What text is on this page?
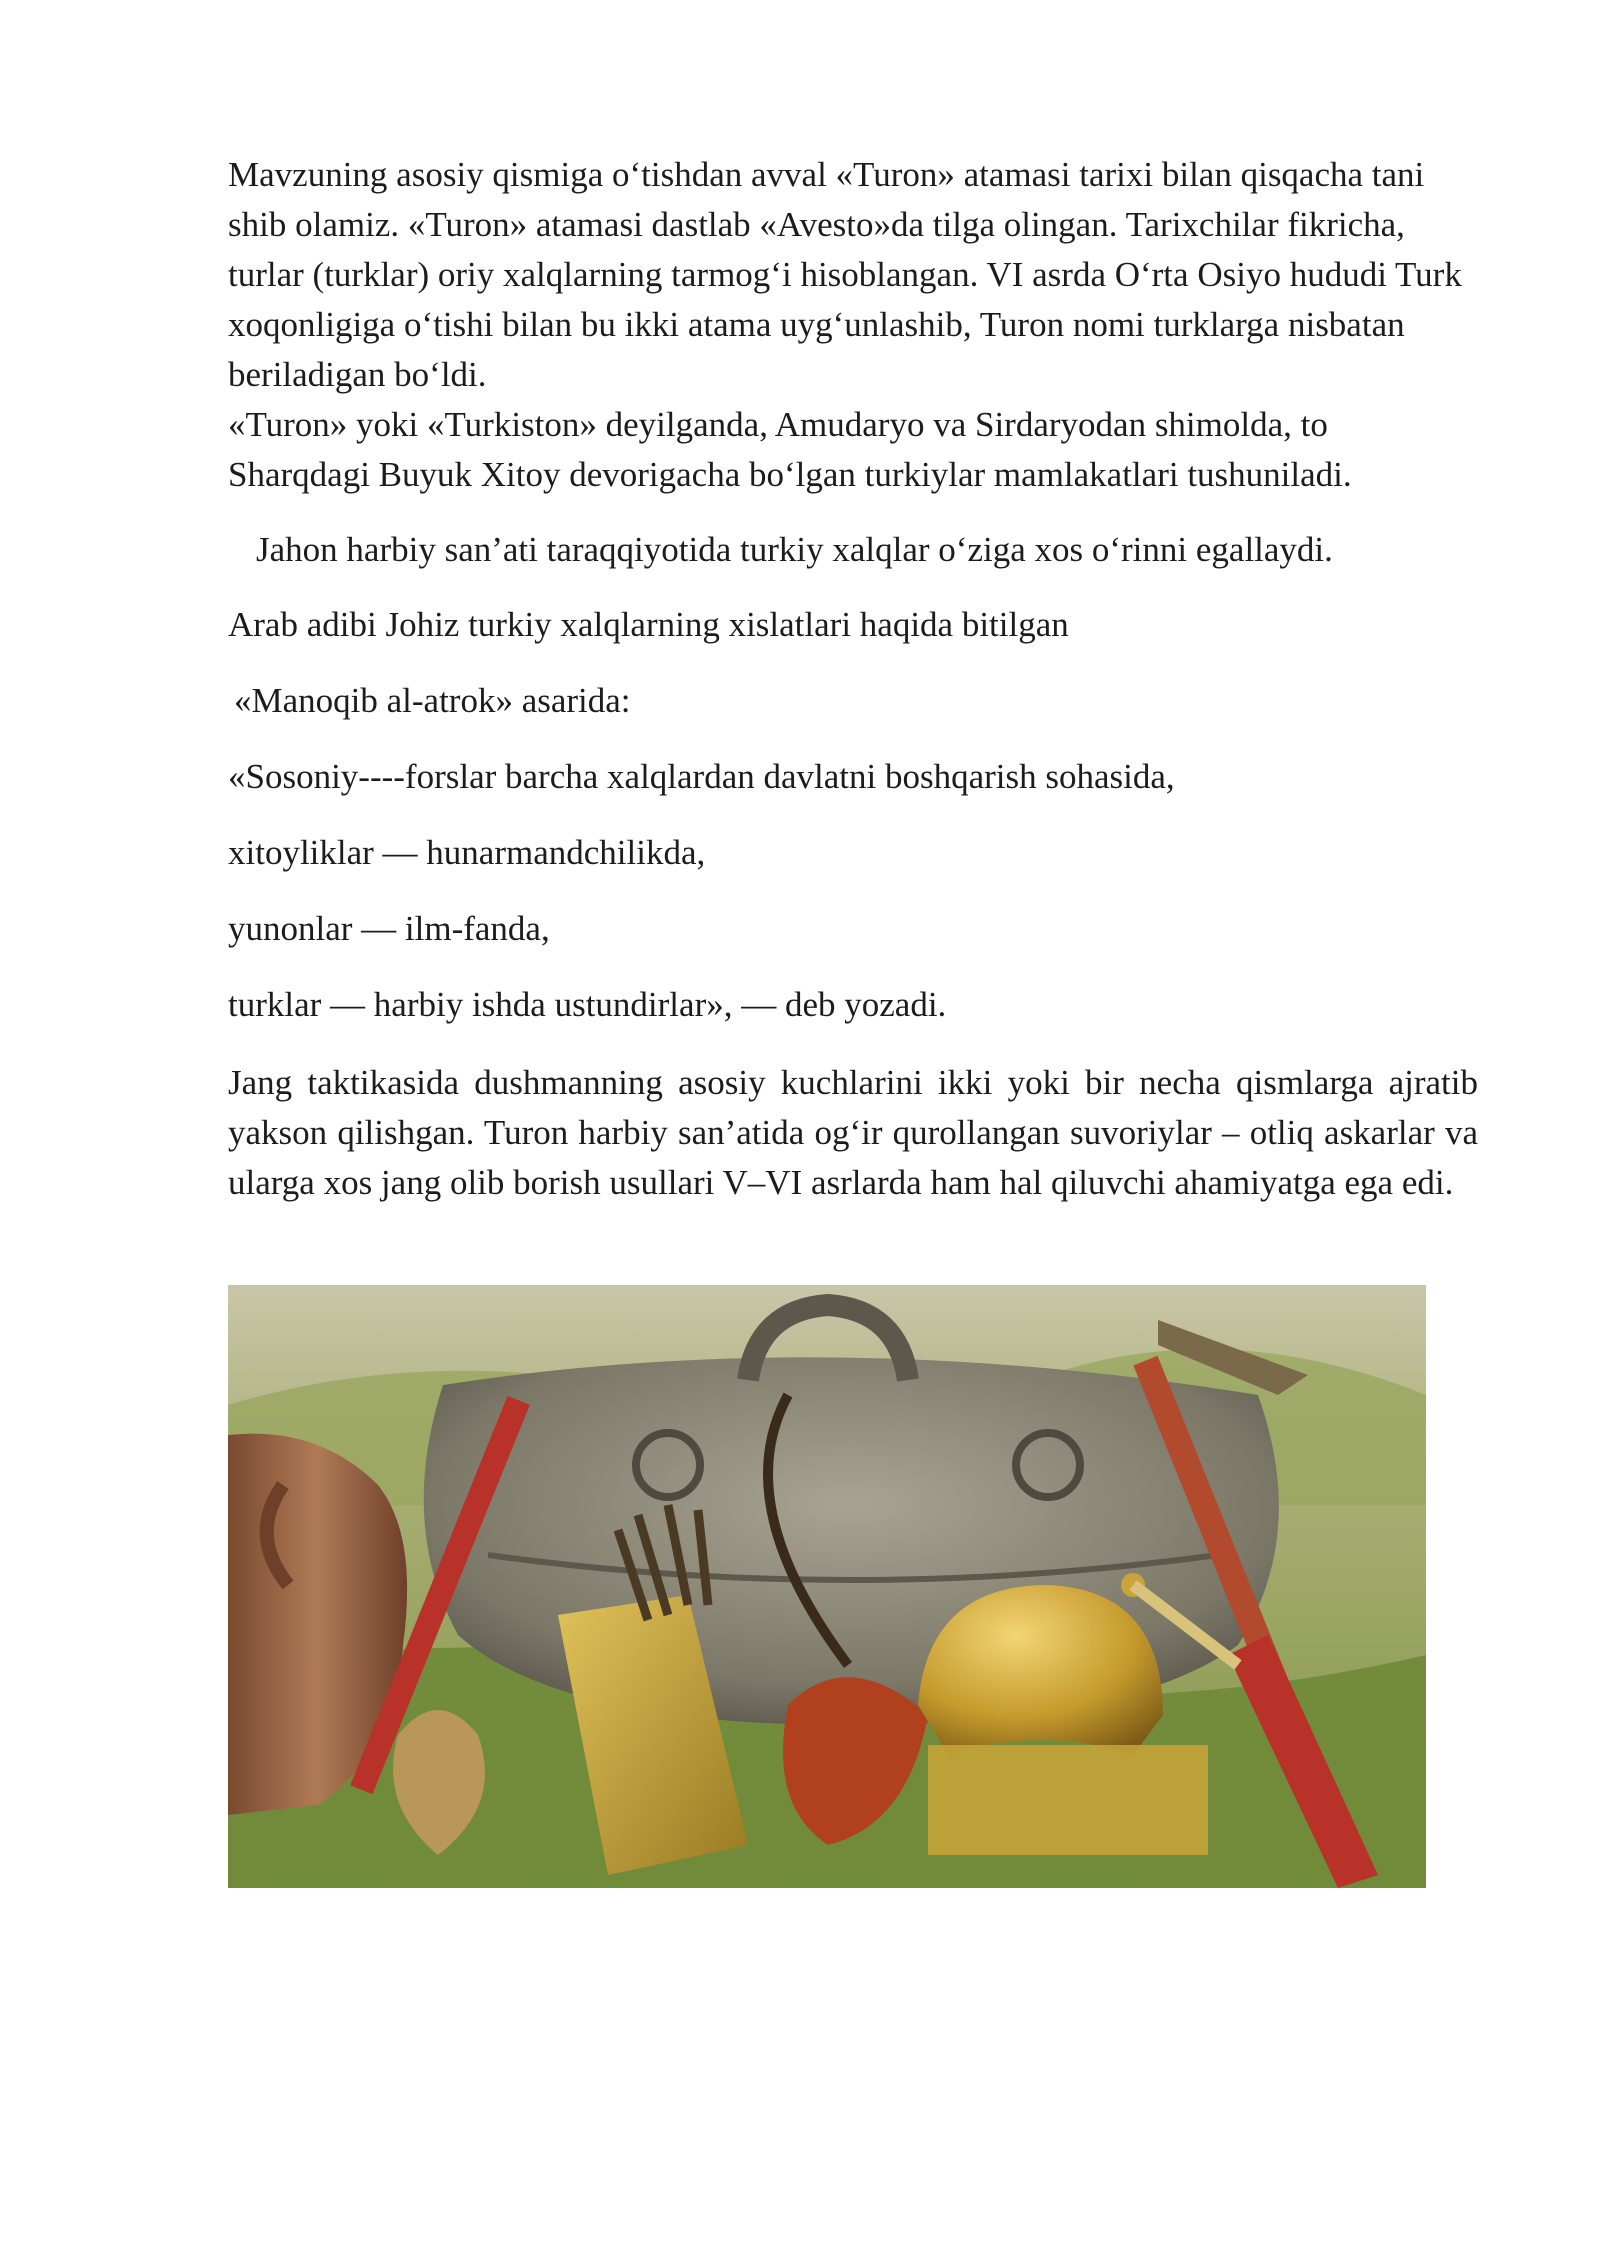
Mavzuning asosiy qismiga oʻtishdan avval «Turon» atamasi tarixi bilan qisqacha tani shib olamiz. «Turon» atamasi dastlab «Avesto»da tilga olingan. Tarixchilar fikricha, turlar (turklar) oriy xalqlarning tarmogʻi hisoblangan. VI asrda Oʻrta Osiyo hududi Turk xoqonligiga oʻtishi bilan bu ikki atama uygʻunlashib, Turon nomi turklarga nisbatan beriladigan boʻldi.

«Turon» yoki «Turkiston» deyilganda, Amudaryo va Sirdaryodan shimolda, to Sharqdagi Buyuk Xitoy devorigacha boʻlgan turkiylar mamlakatlari tushuniladi.

Jahon harbiy san’ati taraqqiyotida turkiy xalqlar oʻziga xos oʻrinni egallaydi.

Arab adibi Johiz turkiy xalqlarning xislatlari haqida bitilgan

«Manoqib al-atrok» asarida:

«Sosoniy----forslar barcha xalqlardan davlatni boshqarish sohasida,

xitoyliklar — hunarmandchilikda,

yunonlar — ilm-fanda,

turklar — harbiy ishda ustundirlar», — deb yozadi.

Jang taktikasida dushmanning asosiy kuchlarini ikki yoki bir necha qismlarga ajratib yakson qilishgan. Turon harbiy san’atida ogʻir qurollangan suvoriylar – otliq askarlar va ularga xos jang olib borish usullari V–VI asrlarda ham hal qiluvchi ahamiyatga ega edi.
